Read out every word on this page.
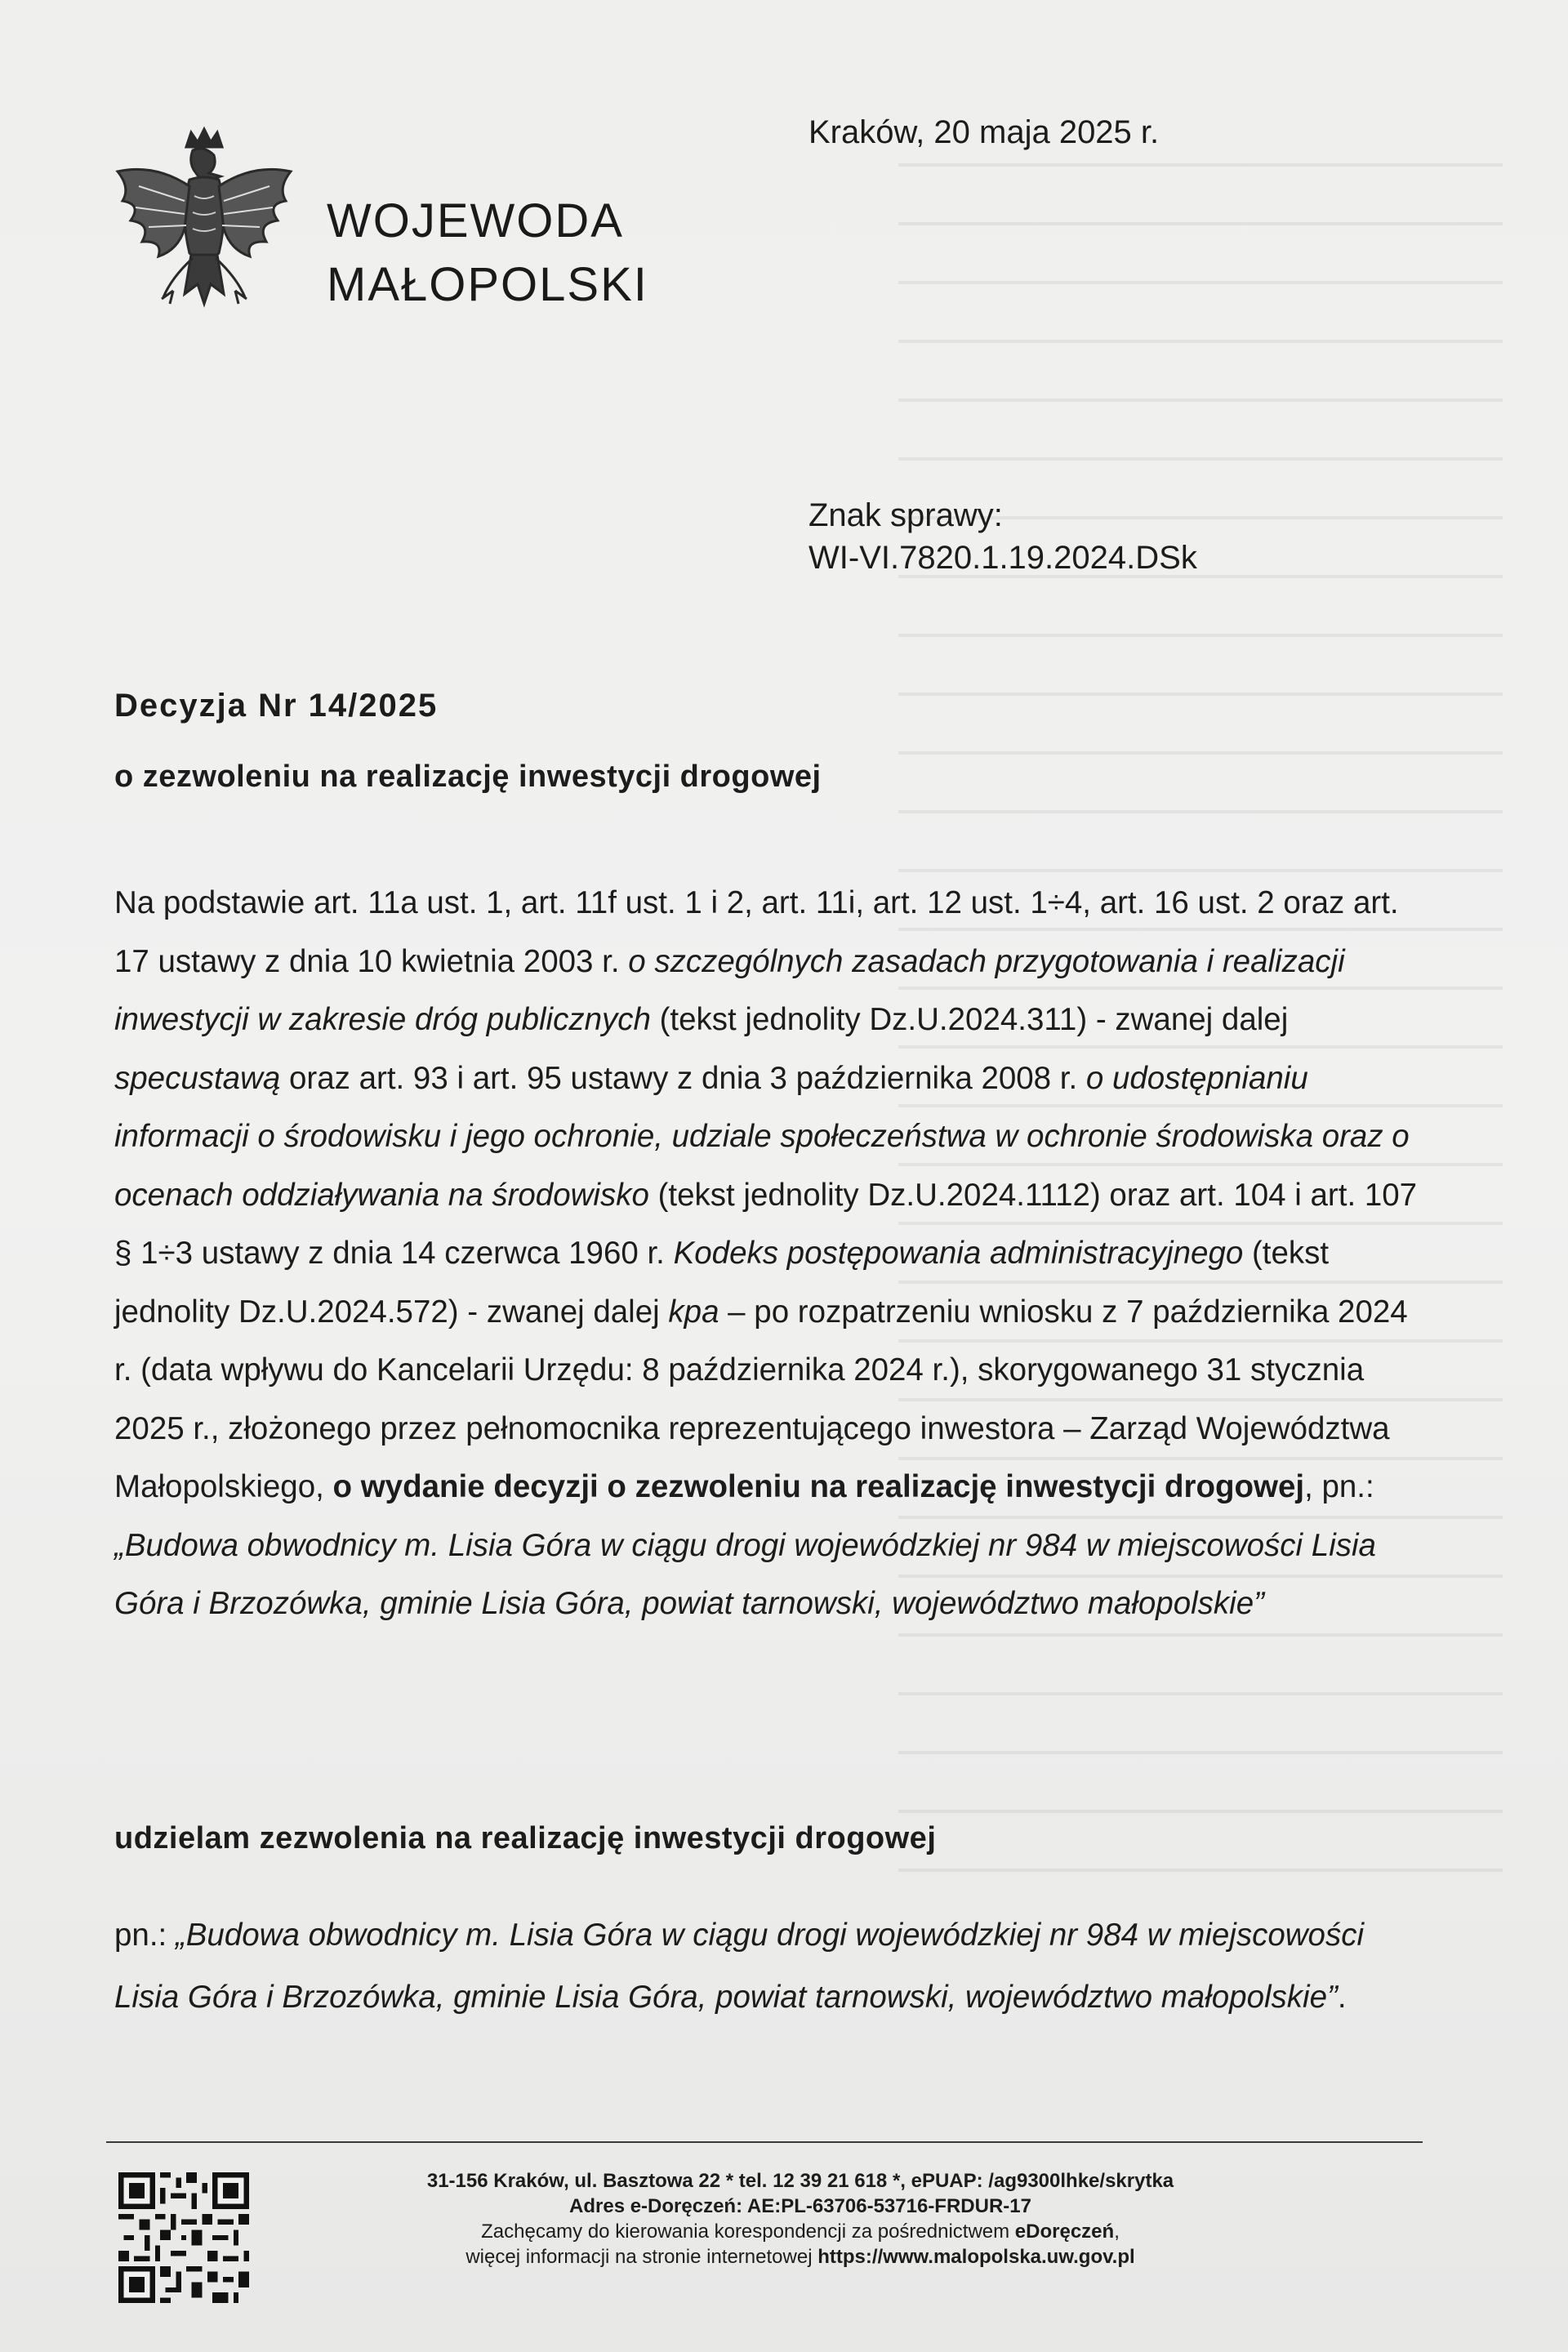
WOJEWODA
MAŁOPOLSKI
Kraków, 20 maja 2025 r.
Znak sprawy:
WI-VI.7820.1.19.2024.DSk
Decyzja Nr 14/2025
o zezwoleniu na realizację inwestycji drogowej

Na podstawie art. 11a ust. 1, art. 11f ust. 1 i 2, art. 11i, art. 12 ust. 1÷4, art. 16 ust. 2 oraz art. 17 ustawy z dnia 10 kwietnia 2003 r. o szczególnych zasadach przygotowania i realizacji inwestycji w zakresie dróg publicznych (tekst jednolity Dz.U.2024.311) - zwanej dalej specustawą oraz art. 93 i art. 95 ustawy z dnia 3 października 2008 r. o udostępnianiu informacji o środowisku i jego ochronie, udziale społeczeństwa w ochronie środowiska oraz o ocenach oddziaływania na środowisko (tekst jednolity Dz.U.2024.1112) oraz art. 104 i art. 107 § 1÷3 ustawy z dnia 14 czerwca 1960 r. Kodeks postępowania administracyjnego (tekst jednolity Dz.U.2024.572) - zwanej dalej kpa – po rozpatrzeniu wniosku z 7 października 2024 r. (data wpływu do Kancelarii Urzędu: 8 października 2024 r.), skorygowanego 31 stycznia 2025 r., złożonego przez pełnomocnika reprezentującego inwestora – Zarząd Województwa Małopolskiego, o wydanie decyzji o zezwoleniu na realizację inwestycji drogowej, pn.: „Budowa obwodnicy m. Lisia Góra w ciągu drogi wojewódzkiej nr 984 w miejscowości Lisia Góra i Brzozówka, gminie Lisia Góra, powiat tarnowski, województwo małopolskie”

udzielam zezwolenia na realizację inwestycji drogowej
pn.: „Budowa obwodnicy m. Lisia Góra w ciągu drogi wojewódzkiej nr 984 w miejscowości Lisia Góra i Brzozówka, gminie Lisia Góra, powiat tarnowski, województwo małopolskie”.
31-156 Kraków, ul. Basztowa 22 * tel. 12 39 21 618 *, ePUAP: /ag9300lhke/skrytka
Adres e-Doręczeń: AE:PL-63706-53716-FRDUR-17
Zachęcamy do kierowania korespondencji za pośrednictwem eDoręczeń,
więcej informacji na stronie internetowej https://www.malopolska.uw.gov.pl
